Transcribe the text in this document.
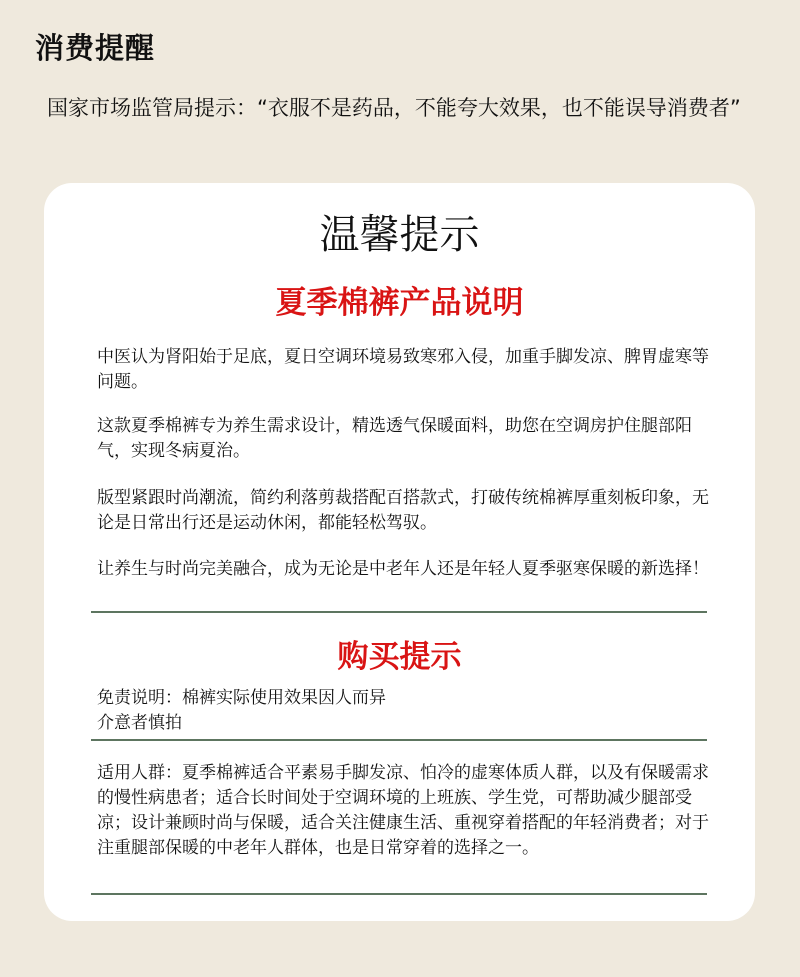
消费提醒
国家市场监管局提示：“衣服不是药品，不能夸大效果，也不能误导消费者”
温馨提示
夏季棉裤产品说明
中医认为肾阳始于足底，夏日空调环境易致寒邪入侵，加重手脚发凉、脾胃虚寒等问题。
这款夏季棉裤专为养生需求设计，精选透气保暖面料，助您在空调房护住腿部阳气，实现冬病夏治。
版型紧跟时尚潮流，简约利落剪裁搭配百搭款式，打破传统棉裤厚重刻板印象，无论是日常出行还是运动休闲，都能轻松驾驭。
让养生与时尚完美融合，成为无论是中老年人还是年轻人夏季驱寒保暖的新选择！
购买提示
免责说明：棉裤实际使用效果因人而异
介意者慎拍
适用人群：夏季棉裤适合平素易手脚发凉、怕冷的虚寒体质人群，以及有保暖需求的慢性病患者；适合长时间处于空调环境的上班族、学生党，可帮助减少腿部受凉；设计兼顾时尚与保暖，适合关注健康生活、重视穿着搭配的年轻消费者；对于注重腿部保暖的中老年人群体，也是日常穿着的选择之一。
